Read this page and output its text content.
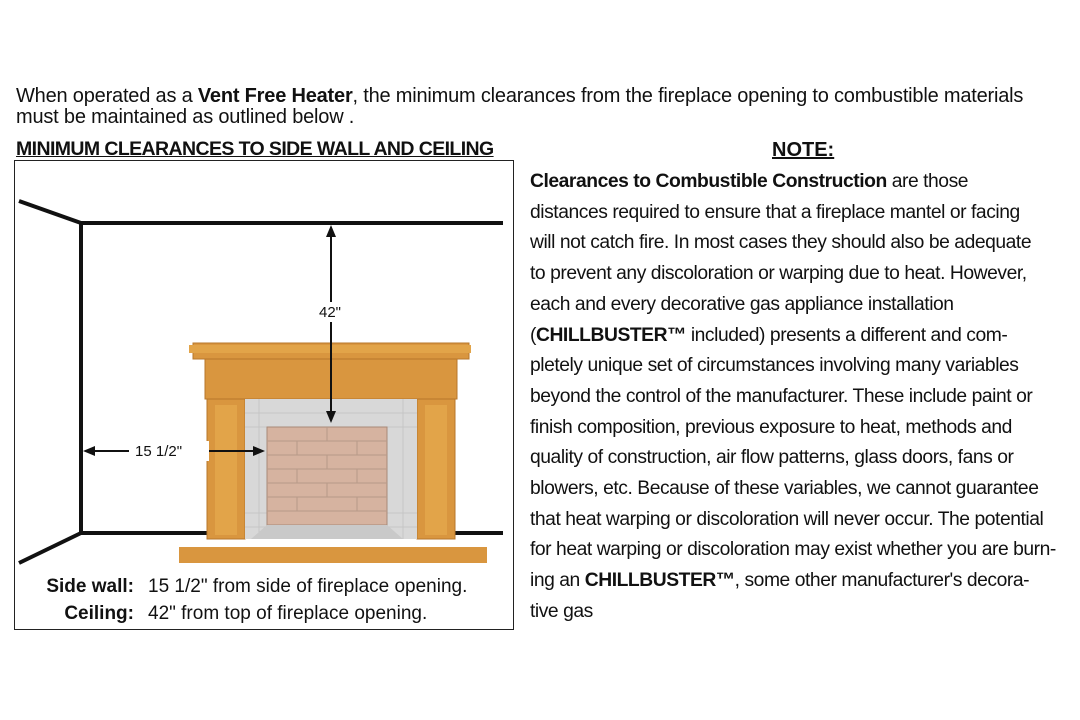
When operated as a Vent Free Heater, the minimum clearances from the fireplace opening to combustible materials
must be maintained as outlined below .
MINIMUM CLEARANCES TO SIDE WALL AND CEILING
42"
15 1/2"
Side wall: 15 1/2" from side of fireplace opening.
Ceiling: 42" from top of fireplace opening.
NOTE:
Clearances to Combustible Construction are those
distances required to ensure that a fireplace mantel or facing
will not catch fire. In most cases they should also be adequate
to prevent any discoloration or warping due to heat. However,
each and every decorative gas appliance installation
(CHILLBUSTER™ included) presents a different and com-
pletely unique set of circumstances involving many variables
beyond the control of the manufacturer. These include paint or
finish composition, previous exposure to heat, methods and
quality of construction, air flow patterns, glass doors, fans or
blowers, etc. Because of these variables, we cannot guarantee
that heat warping or discoloration will never occur. The potential
for heat warping or discoloration may exist whether you are burn-
ing an CHILLBUSTER™, some other manufacturer's decora-
tive gas
